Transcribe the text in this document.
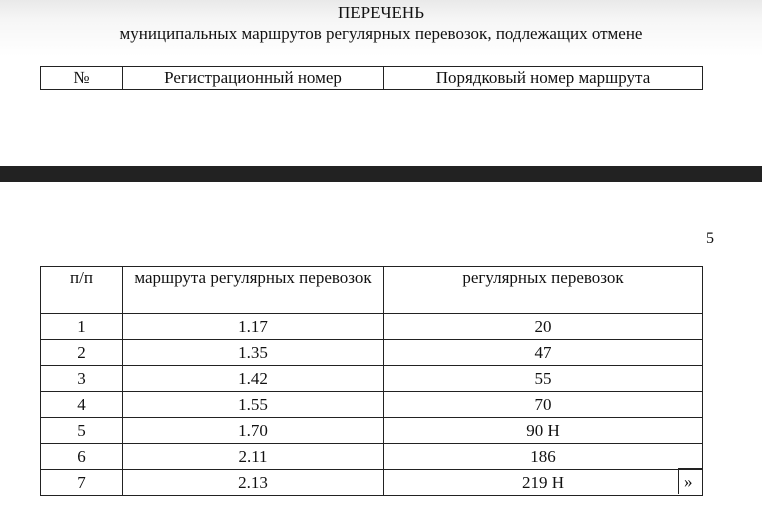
ПЕРЕЧЕНЬ
муниципальных маршрутов регулярных перевозок, подлежащих отмене
№	Регистрационный номер	Порядковый номер маршрута
5
п/п	маршрута регулярных перевозок	регулярных перевозок
1	1.17	20
2	1.35	47
3	1.42	55
4	1.55	70
5	1.70	90 Н
6	2.11	186
7	2.13	219 Н	»
